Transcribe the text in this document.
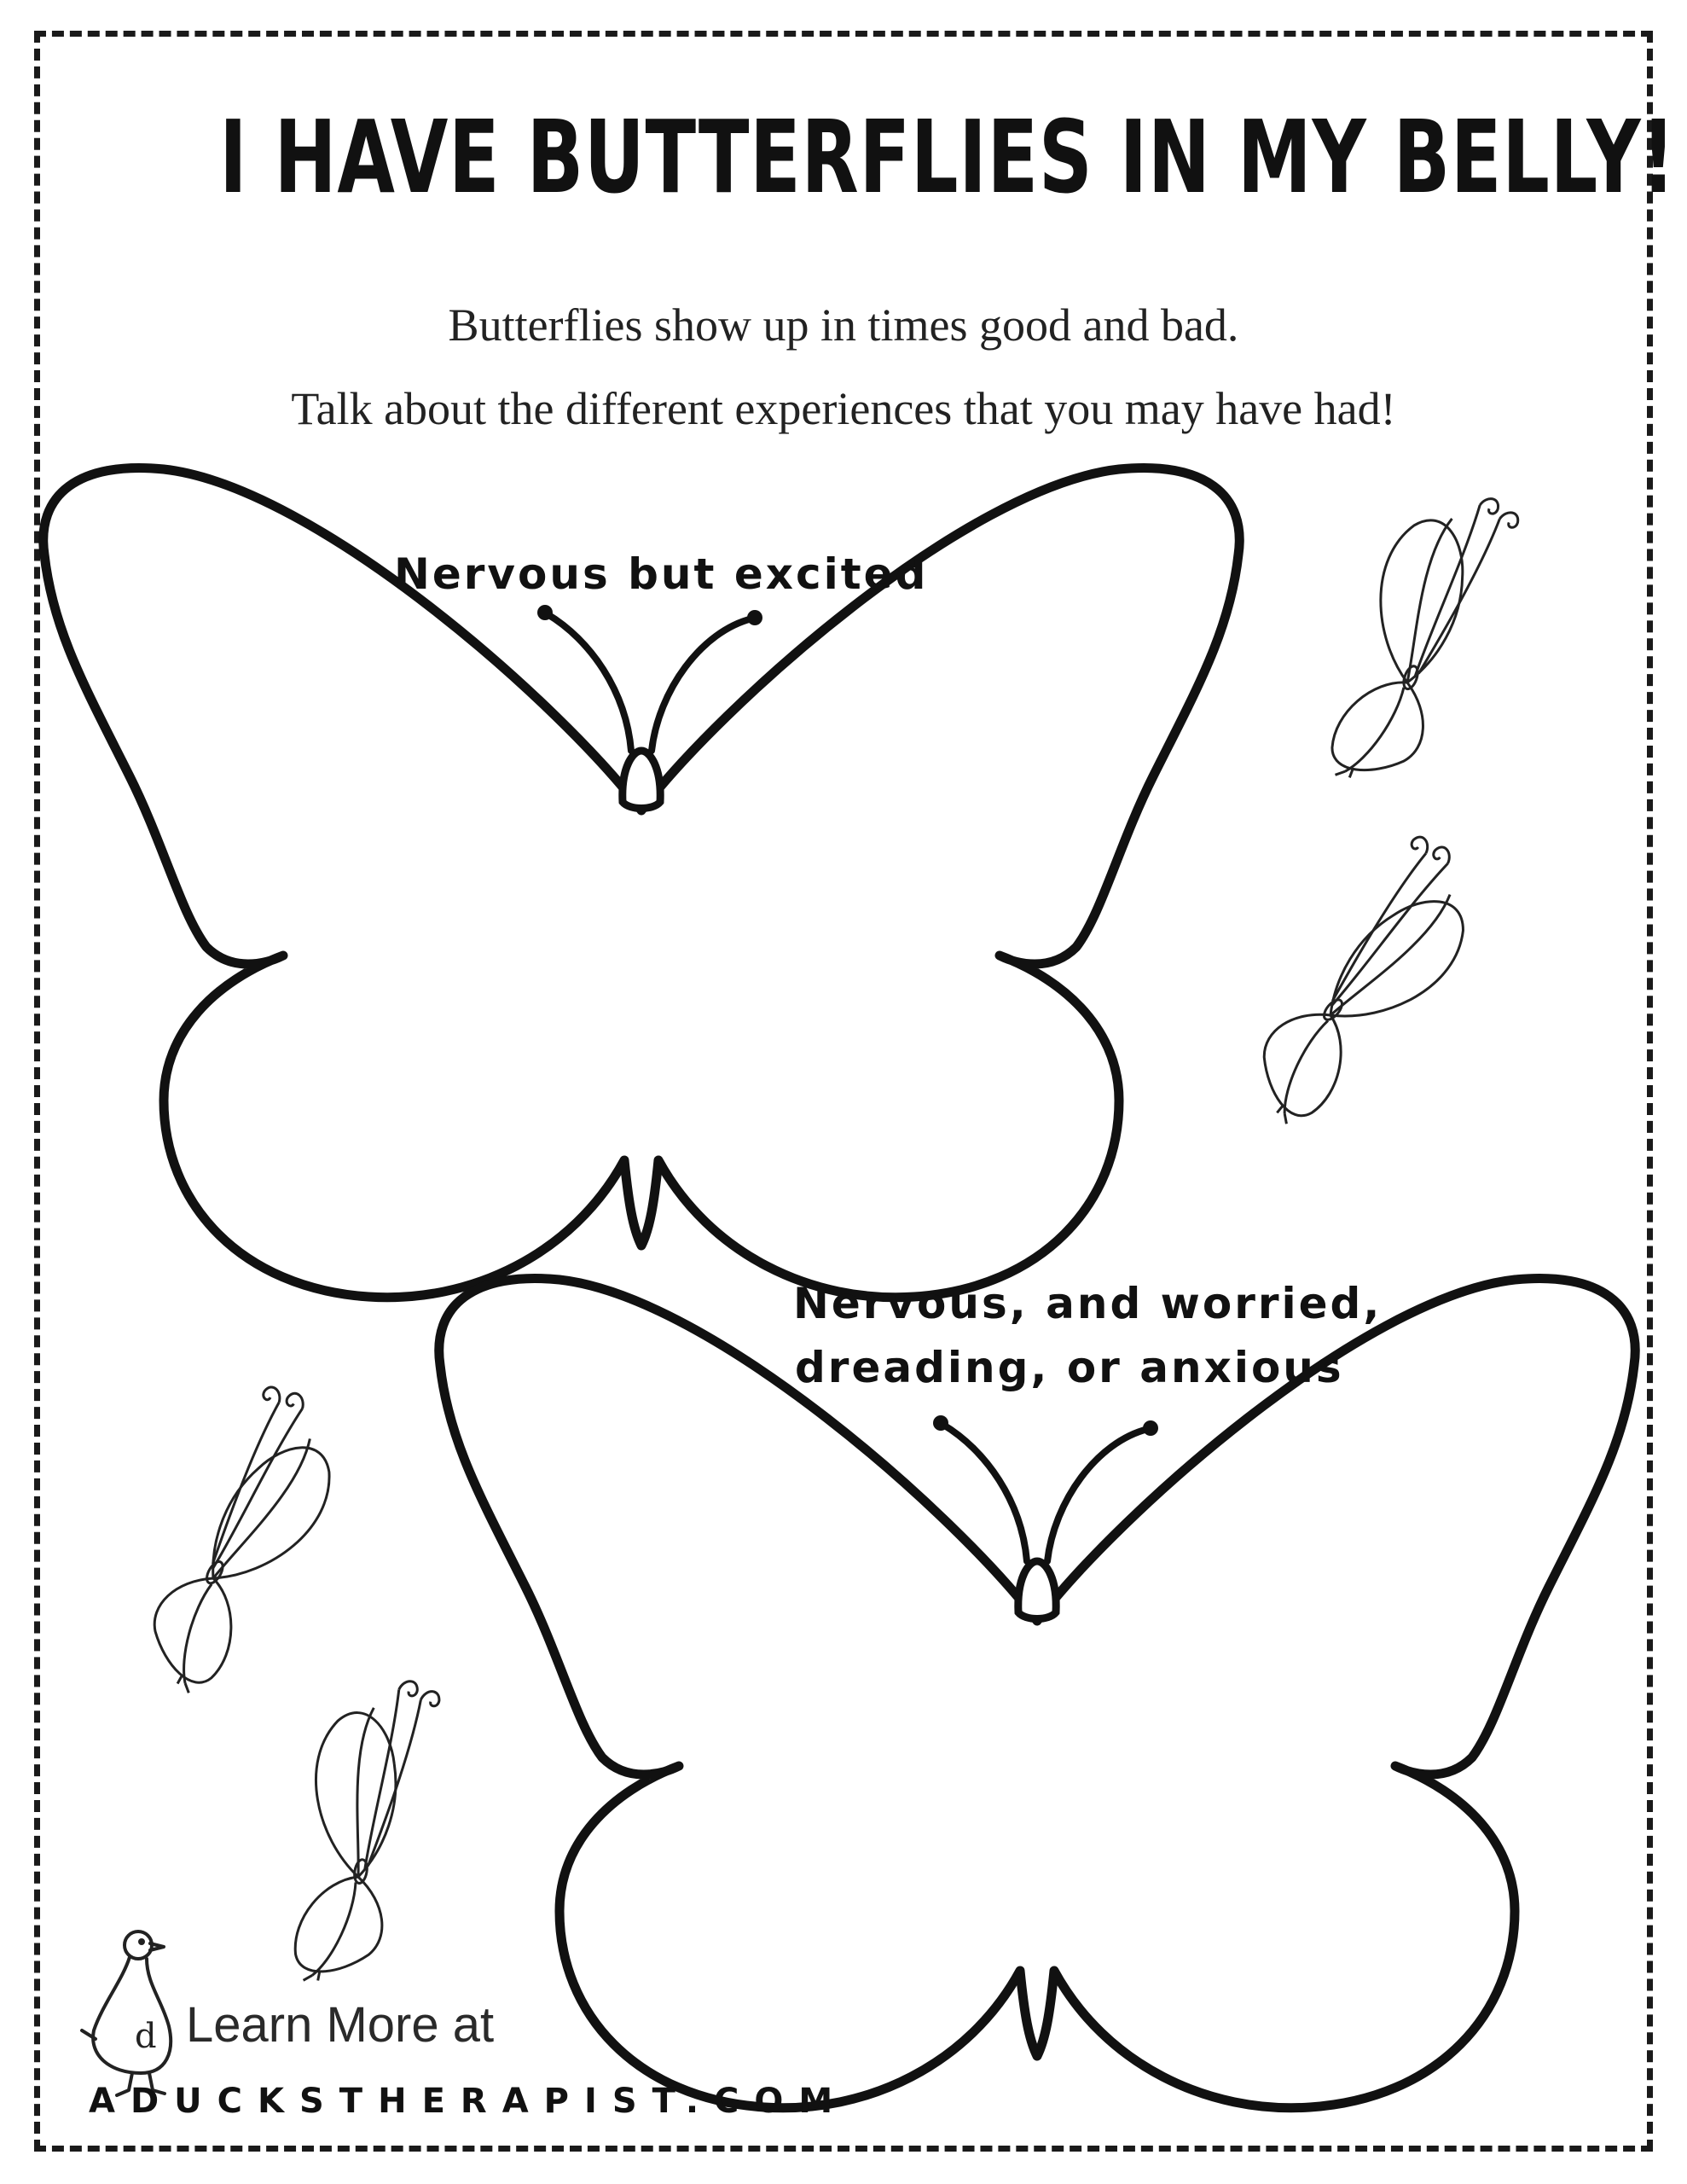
I HAVE BUTTERFLIES IN MY BELLY!
Butterflies show up in times good and bad.
Talk about the different experiences that you may have had!
Nervous but excited
Nervous, and worried,
dreading, or anxious
d Learn More at
ADUCKSTHERAPIST.COM
